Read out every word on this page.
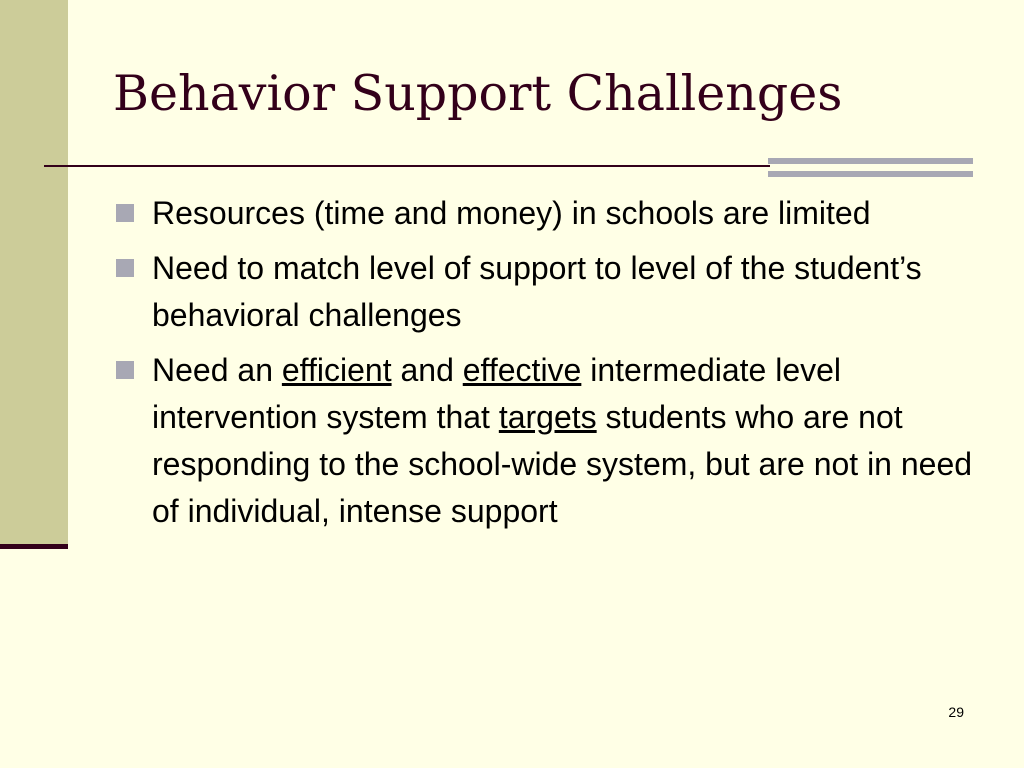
Behavior Support Challenges
Resources (time and money) in schools are limited
Need to match level of support to level of the student’s behavioral challenges
Need an efficient and effective intermediate level intervention system that targets students who are not responding to the school-wide system, but are not in need of individual, intense support
29
